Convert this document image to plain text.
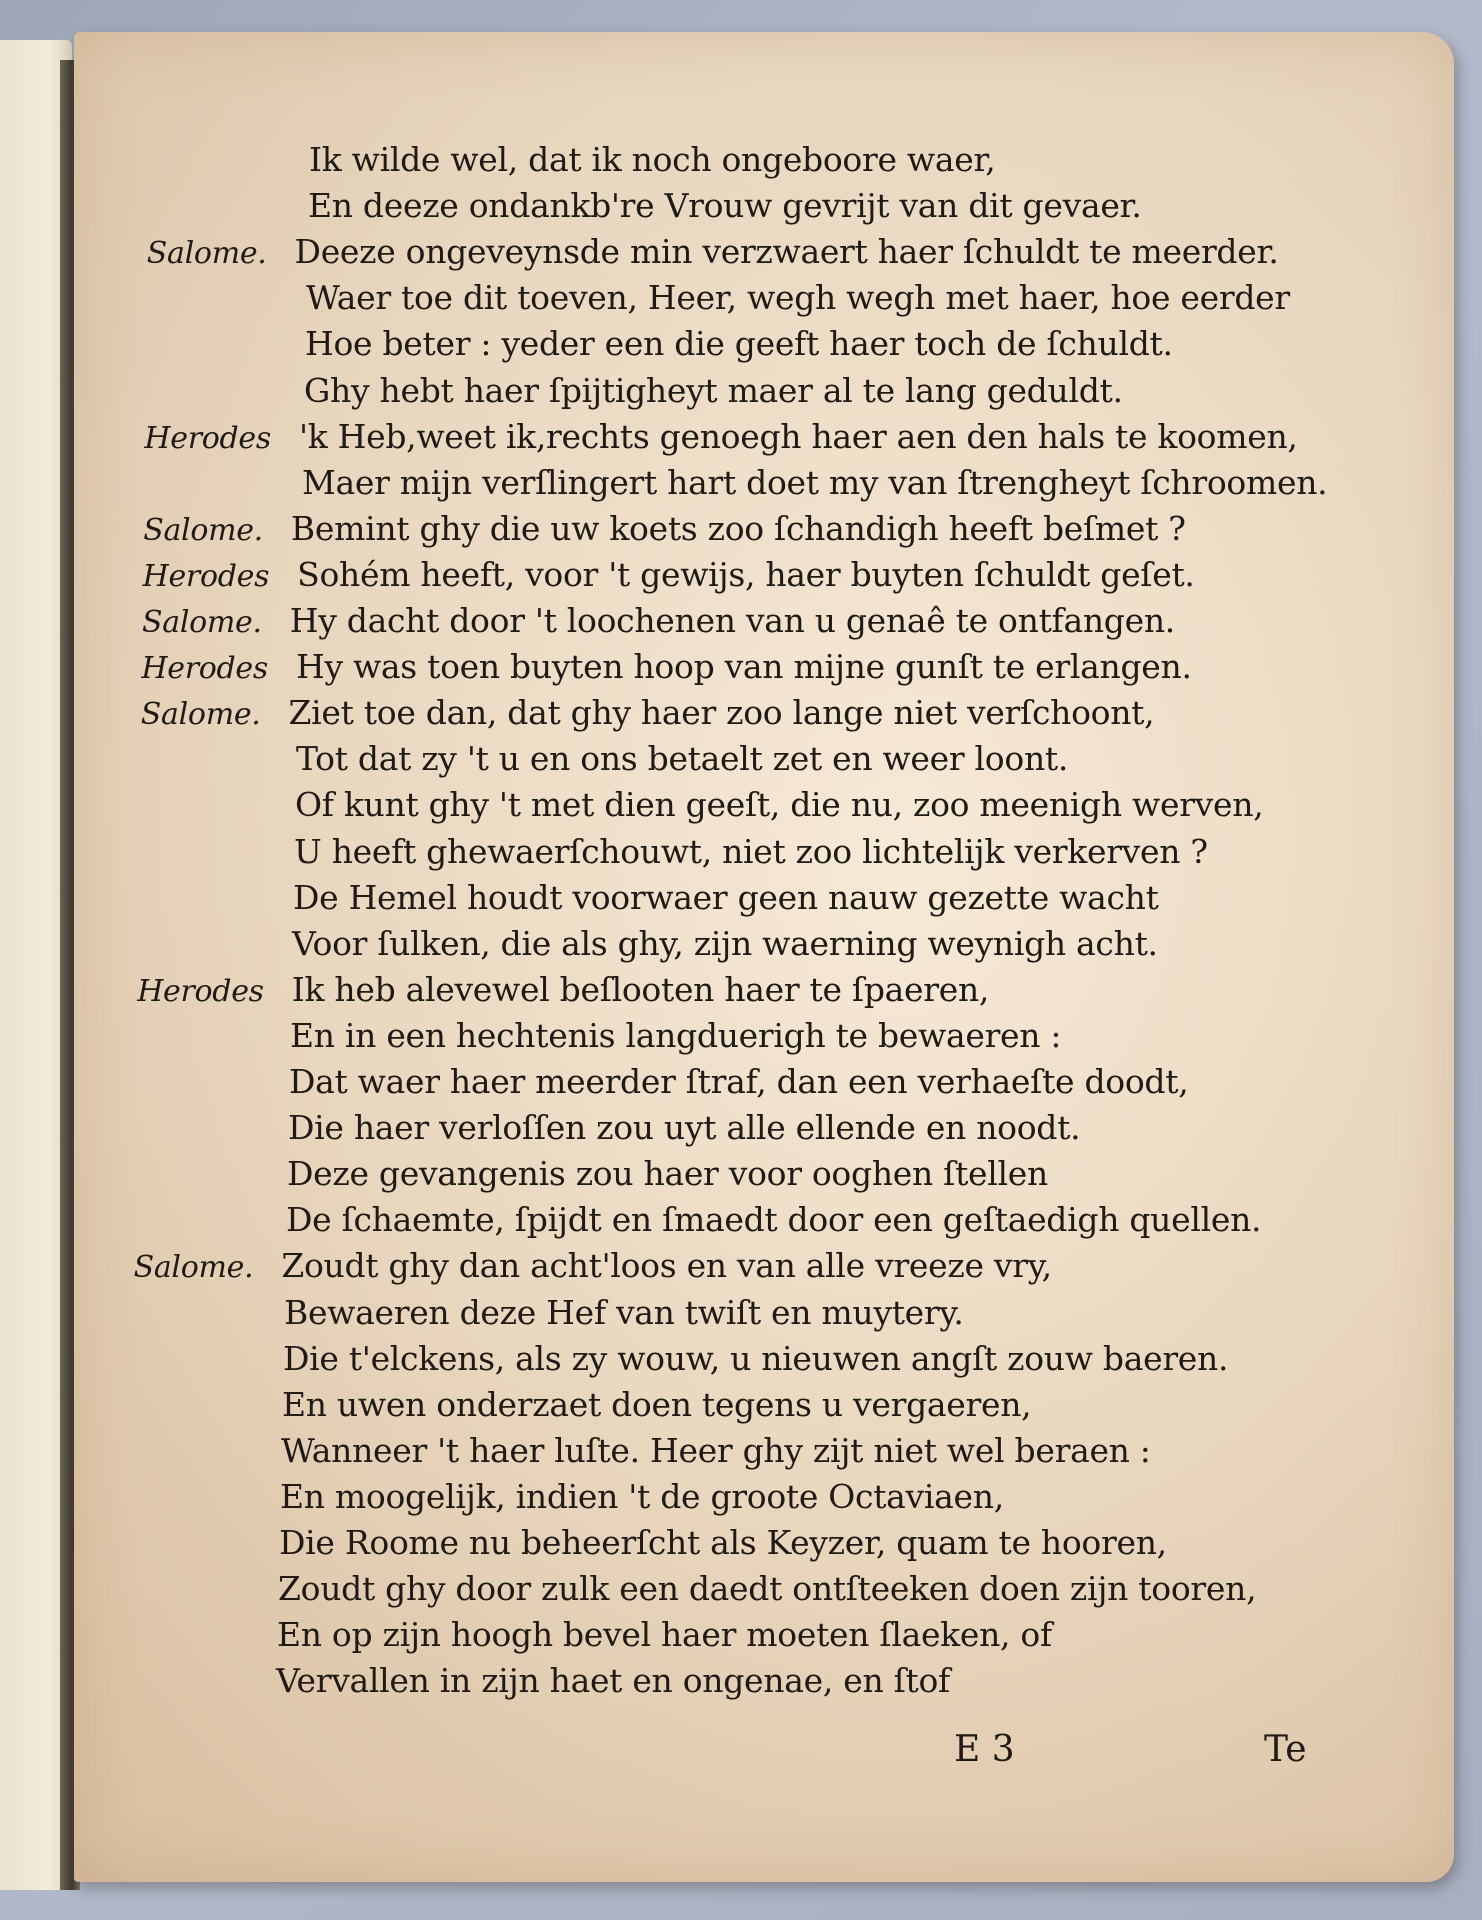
Ik wilde wel, dat ik noch ongeboore waer,
En deeze ondankb're Vrouw gevrijt van dit gevaer.
Salome. Deeze ongeveynsde min verzwaert haer ſchuldt te meerder.
Waer toe dit toeven, Heer, wegh wegh met haer, hoe eerder
Hoe beter : yeder een die geeft haer toch de ſchuldt.
Ghy hebt haer ſpijtigheyt maer al te lang geduldt.
Herodes 'k Heb,weet ik,rechts genoegh haer aen den hals te koomen,
Maer mijn verſlingert hart doet my van ſtrengheyt ſchroomen.
Salome. Bemint ghy die uw koets zoo ſchandigh heeft beſmet ?
Herodes Sohém heeft, voor 't gewijs, haer buyten ſchuldt geſet.
Salome. Hy dacht door 't loochenen van u genaê te ontfangen.
Herodes Hy was toen buyten hoop van mijne gunſt te erlangen.
Salome. Ziet toe dan, dat ghy haer zoo lange niet verſchoont,
Tot dat zy 't u en ons betaelt zet en weer loont.
Of kunt ghy 't met dien geeſt, die nu, zoo meenigh werven,
U heeft ghewaerſchouwt, niet zoo lichtelijk verkerven ?
De Hemel houdt voorwaer geen nauw gezette wacht
Voor ſulken, die als ghy, zijn waerning weynigh acht.
Herodes Ik heb alevewel beſlooten haer te ſpaeren,
En in een hechtenis langduerigh te bewaeren :
Dat waer haer meerder ſtraf, dan een verhaeſte doodt,
Die haer verloſſen zou uyt alle ellende en noodt.
Deze gevangenis zou haer voor ooghen ſtellen
De ſchaemte, ſpijdt en ſmaedt door een geſtaedigh quellen.
Salome. Zoudt ghy dan acht'loos en van alle vreeze vry,
Bewaeren deze Hef van twiſt en muytery.
Die t'elckens, als zy wouw, u nieuwen angſt zouw baeren.
En uwen onderzaet doen tegens u vergaeren,
Wanneer 't haer luſte. Heer ghy zijt niet wel beraen :
En moogelijk, indien 't de groote Octaviaen,
Die Roome nu beheerſcht als Keyzer, quam te hooren,
Zoudt ghy door zulk een daedt ontſteeken doen zijn tooren,
En op zijn hoogh bevel haer moeten ſlaeken, of
Vervallen in zijn haet en ongenae, en ſtof
E 3	Te
